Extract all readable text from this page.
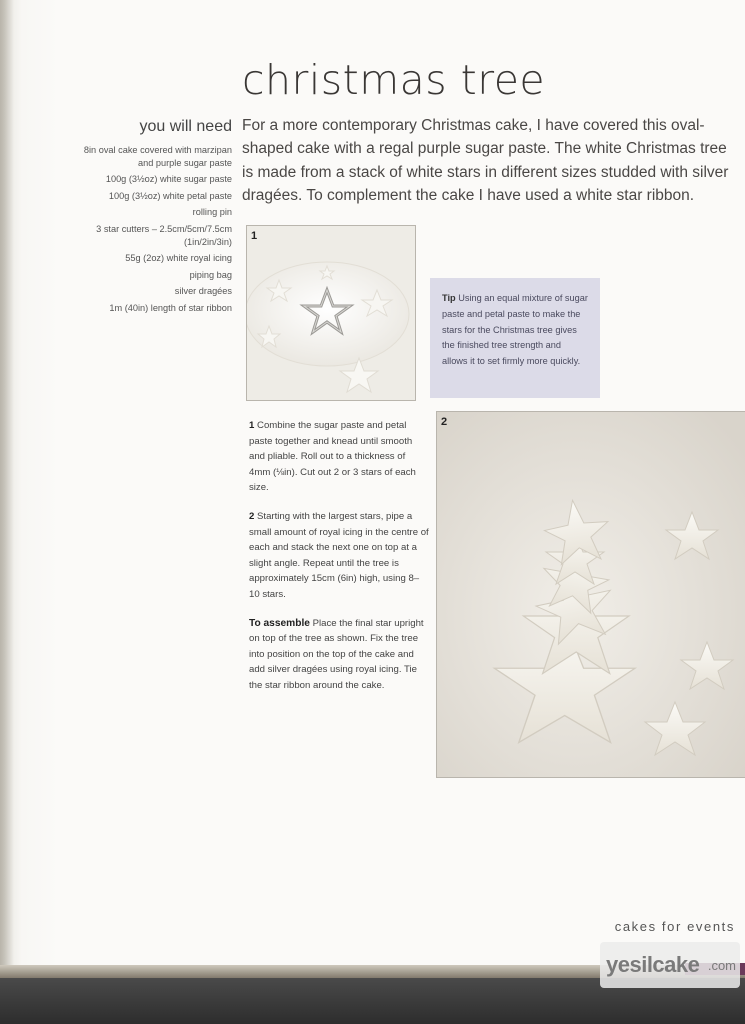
christmas tree

For a more contemporary Christmas cake, I have covered this oval-shaped cake with a regal purple sugar paste. The white Christmas tree is made from a stack of white stars in different sizes studded with silver dragées. To complement the cake I have used a white star ribbon.

you will need
8in oval cake covered with marzipan
and purple sugar paste
100g (3½oz) white sugar paste
100g (3½oz) white petal paste
rolling pin
3 star cutters – 2.5cm/5cm/7.5cm
(1in/2in/3in)
55g (2oz) white royal icing
piping bag
silver dragées
1m (40in) length of star ribbon
1
Tip Using an equal mixture of sugar paste and petal paste to make the stars for the Christmas tree gives the finished tree strength and allows it to set firmly more quickly.

1 Combine the sugar paste and petal paste together and knead until smooth and pliable. Roll out to a thickness of 4mm (⅛in). Cut out 2 or 3 stars of each size.

2 Starting with the largest stars, pipe a small amount of royal icing in the centre of each and stack the next one on top at a slight angle. Repeat until the tree is approximately 15cm (6in) high, using 8–10 stars.

To assemble Place the final star upright on top of the tree as shown. Fix the tree into position on the top of the cake and add silver dragées using royal icing. Tie the star ribbon around the cake.

2
cakes for events
yesilcake .com
